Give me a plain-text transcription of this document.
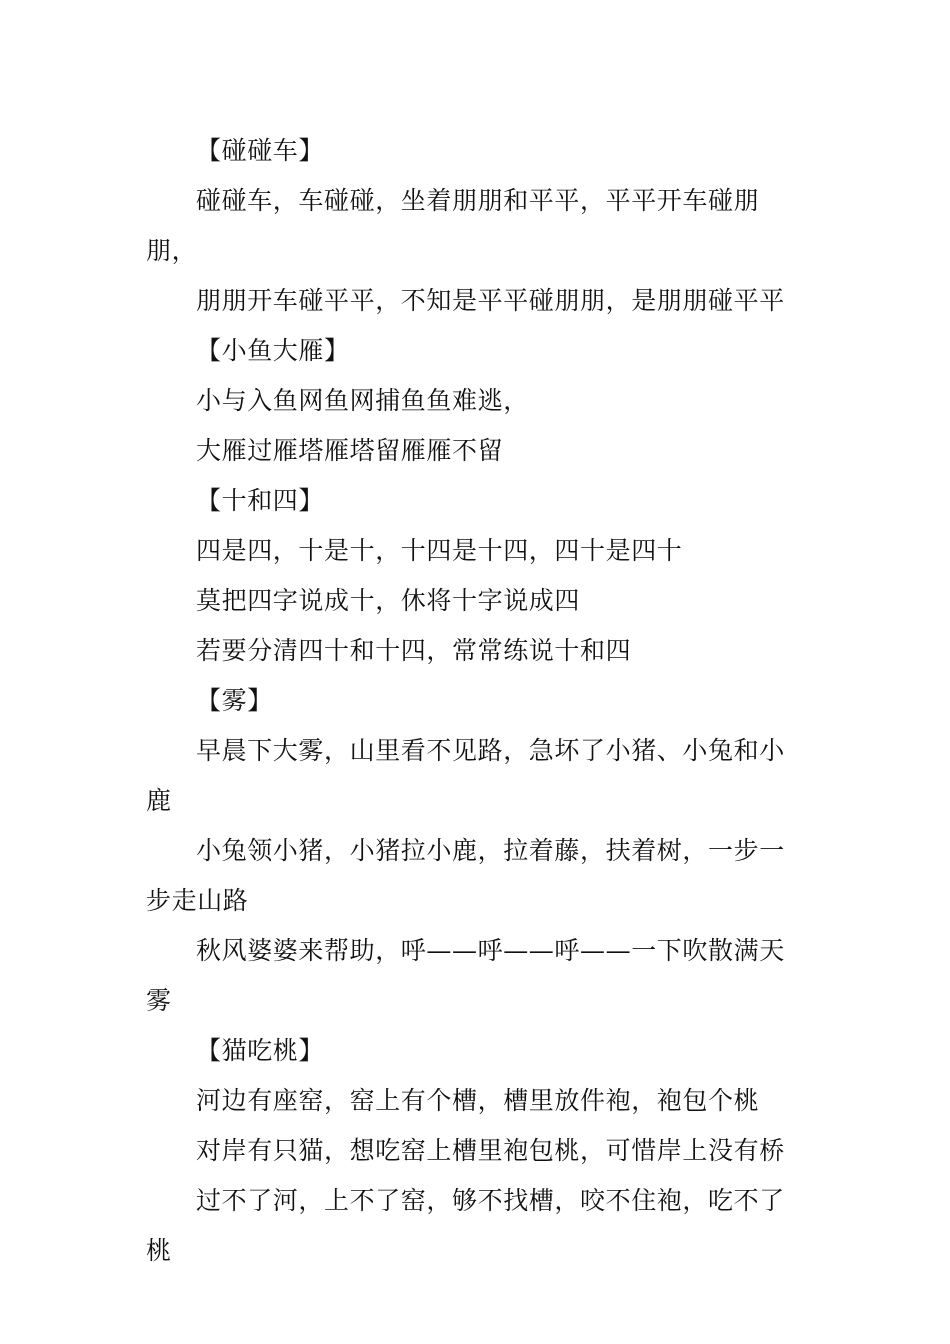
【碰碰车】

碰碰车，车碰碰，坐着朋朋和平平，平平开车碰朋朋，

朋朋开车碰平平，不知是平平碰朋朋，是朋朋碰平平

【小鱼大雁】

小与入鱼网鱼网捕鱼鱼难逃，

大雁过雁塔雁塔留雁雁不留

【十和四】

四是四，十是十，十四是十四，四十是四十

莫把四字说成十，休将十字说成四

若要分清四十和十四，常常练说十和四

【雾】

早晨下大雾，山里看不见路，急坏了小猪、小兔和小鹿

小兔领小猪，小猪拉小鹿，拉着藤，扶着树，一步一步走山路

秋风婆婆来帮助，呼——呼——呼——一下吹散满天雾

【猫吃桃】

河边有座窑，窑上有个槽，槽里放件袍，袍包个桃

对岸有只猫，想吃窑上槽里袍包桃，可惜岸上没有桥

过不了河，上不了窑，够不找槽，咬不住袍，吃不了桃
